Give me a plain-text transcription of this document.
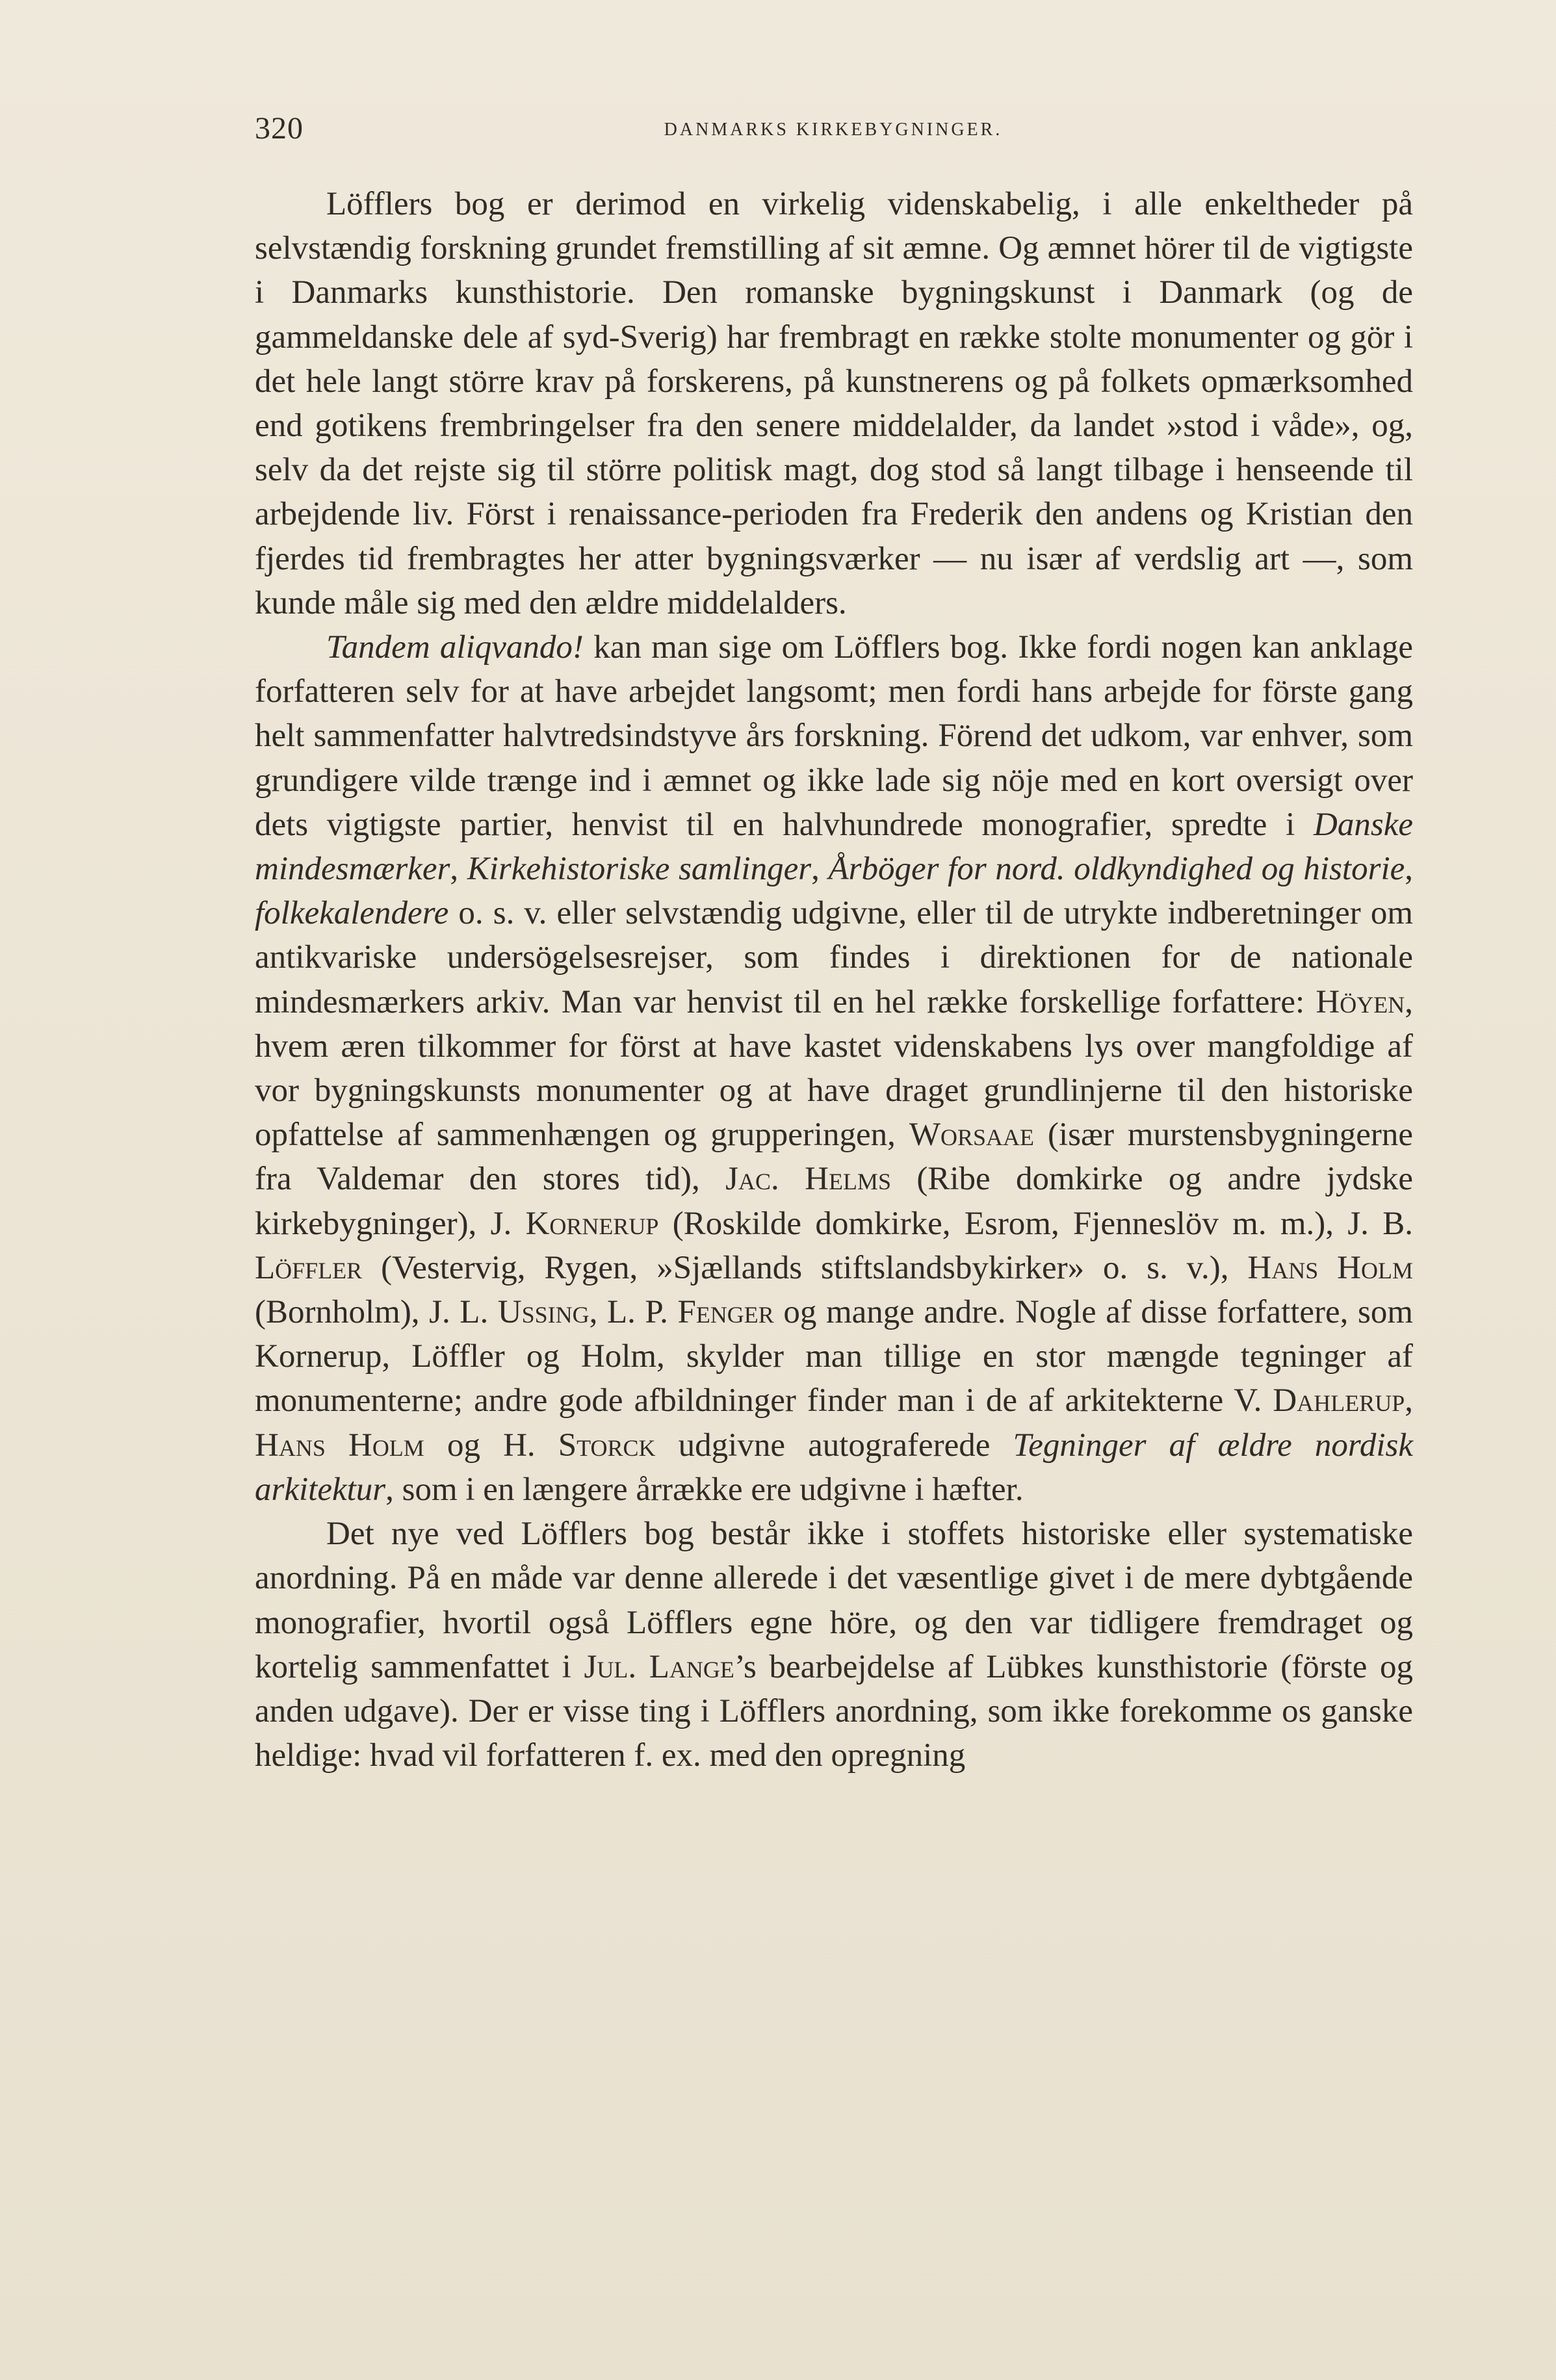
320	DANMARKS KIRKEBYGNINGER.

Löfflers bog er derimod en virkelig videnskabelig, i alle enkeltheder på selvstændig forskning grundet fremstilling af sit æmne. Og æmnet hörer til de vigtigste i Danmarks kunsthistorie. Den romanske bygningskunst i Danmark (og de gammeldanske dele af syd-Sverig) har frembragt en række stolte monumenter og gör i det hele langt större krav på forskerens, på kunstnerens og på folkets opmærksomhed end gotikens frembringelser fra den senere middelalder, da landet »stod i våde», og, selv da det rejste sig til större politisk magt, dog stod så langt tilbage i henseende til arbejdende liv. Först i renaissance-perioden fra Frederik den andens og Kristian den fjerdes tid frembragtes her atter bygningsværker — nu især af verdslig art —, som kunde måle sig med den ældre middelalders.

Tandem aliqvando! kan man sige om Löfflers bog. Ikke fordi nogen kan anklage forfatteren selv for at have arbejdet langsomt; men fordi hans arbejde for förste gang helt sammenfatter halvtredsindstyve års forskning. Förend det udkom, var enhver, som grundigere vilde trænge ind i æmnet og ikke lade sig nöje med en kort oversigt over dets vigtigste partier, henvist til en halvhundrede monografier, spredte i Danske mindesmærker, Kirkehistoriske samlinger, Årböger for nord. oldkyndighed og historie, folkekalendere o. s. v. eller selvstændig udgivne, eller til de utrykte indberetninger om antikvariske undersögelsesrejser, som findes i direktionen for de nationale mindesmærkers arkiv. Man var henvist til en hel række forskellige forfattere: Höyen, hvem æren tilkommer for först at have kastet videnskabens lys over mangfoldige af vor bygningskunsts monumenter og at have draget grundlinjerne til den historiske opfattelse af sammenhængen og grupperingen, Worsaae (især murstensbygningerne fra Valdemar den stores tid), Jac. Helms (Ribe domkirke og andre jydske kirkebygninger), J. Kornerup (Roskilde domkirke, Esrom, Fjenneslöv m. m.), J. B. Löffler (Vestervig, Rygen, »Sjællands stiftslandsbykirker» o. s. v.), Hans Holm (Bornholm), J. L. Ussing, L. P. Fenger og mange andre. Nogle af disse forfattere, som Kornerup, Löffler og Holm, skylder man tillige en stor mængde tegninger af monumenterne; andre gode afbildninger finder man i de af arkitekterne V. Dahlerup, Hans Holm og H. Storck udgivne autograferede Tegninger af ældre nordisk arkitektur, som i en længere årrække ere udgivne i hæfter.

Det nye ved Löfflers bog består ikke i stoffets historiske eller systematiske anordning. På en måde var denne allerede i det væsentlige givet i de mere dybtgående monografier, hvortil også Löfflers egne höre, og den var tidligere fremdraget og kortelig sammenfattet i Jul. Lange’s bearbejdelse af Lübkes kunsthistorie (förste og anden udgave). Der er visse ting i Löfflers anordning, som ikke forekomme os ganske heldige: hvad vil forfatteren f. ex. med den opregning
